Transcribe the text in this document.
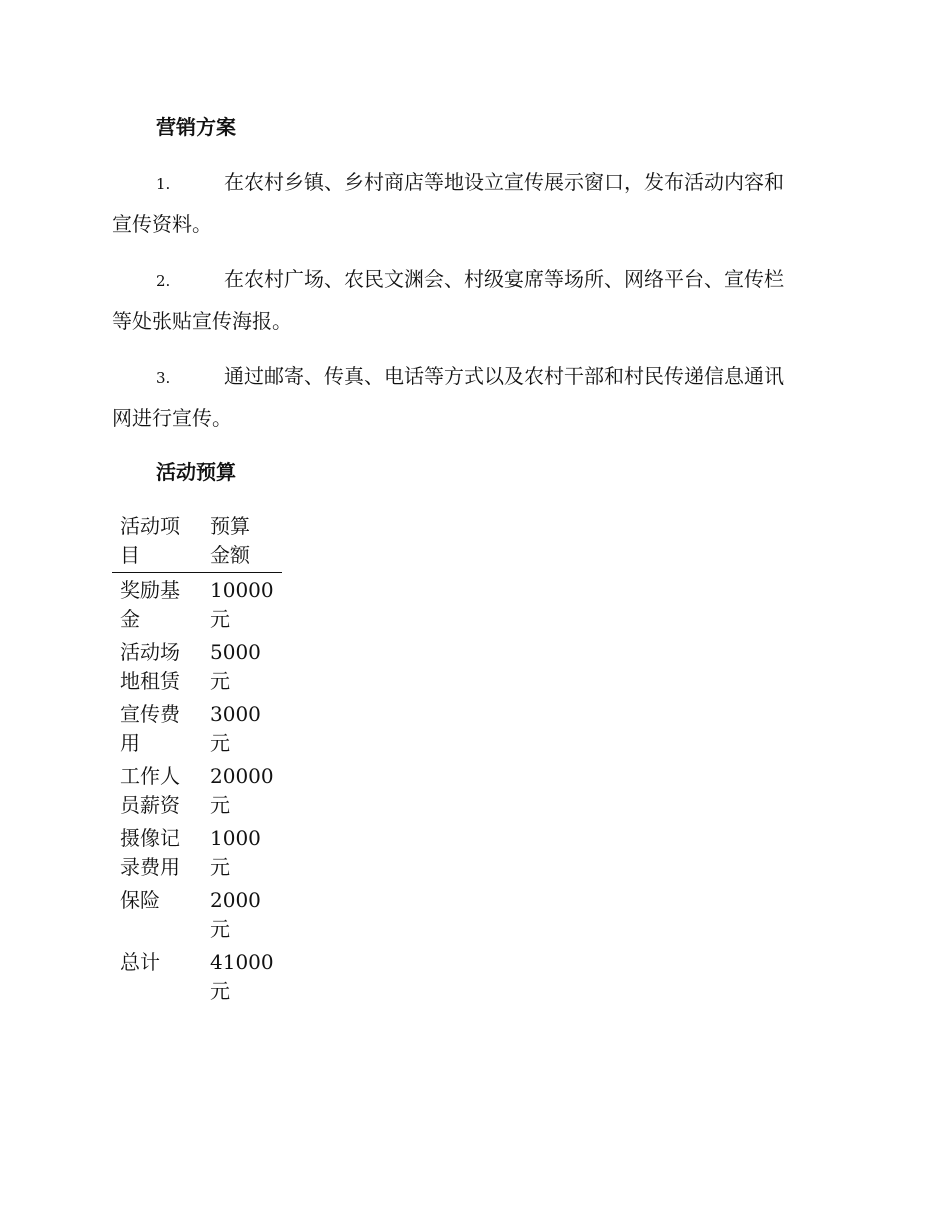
营销方案
1.	在农村乡镇、乡村商店等地设立宣传展示窗口，发布活动内容和
宣传资料。
2.	在农村广场、农民文渊会、村级宴席等场所、网络平台、宣传栏
等处张贴宣传海报。
3.	通过邮寄、传真、电话等方式以及农村干部和村民传递信息通讯
网进行宣传。
活动预算
活动项
目	预算
金额

奖励基
金	10000
元

活动场
地租赁	5000
元

宣传费
用	3000
元

工作人
员薪资	20000
元

摄像记
录费用	1000
元

保险	2000
元

总计	41000
元
